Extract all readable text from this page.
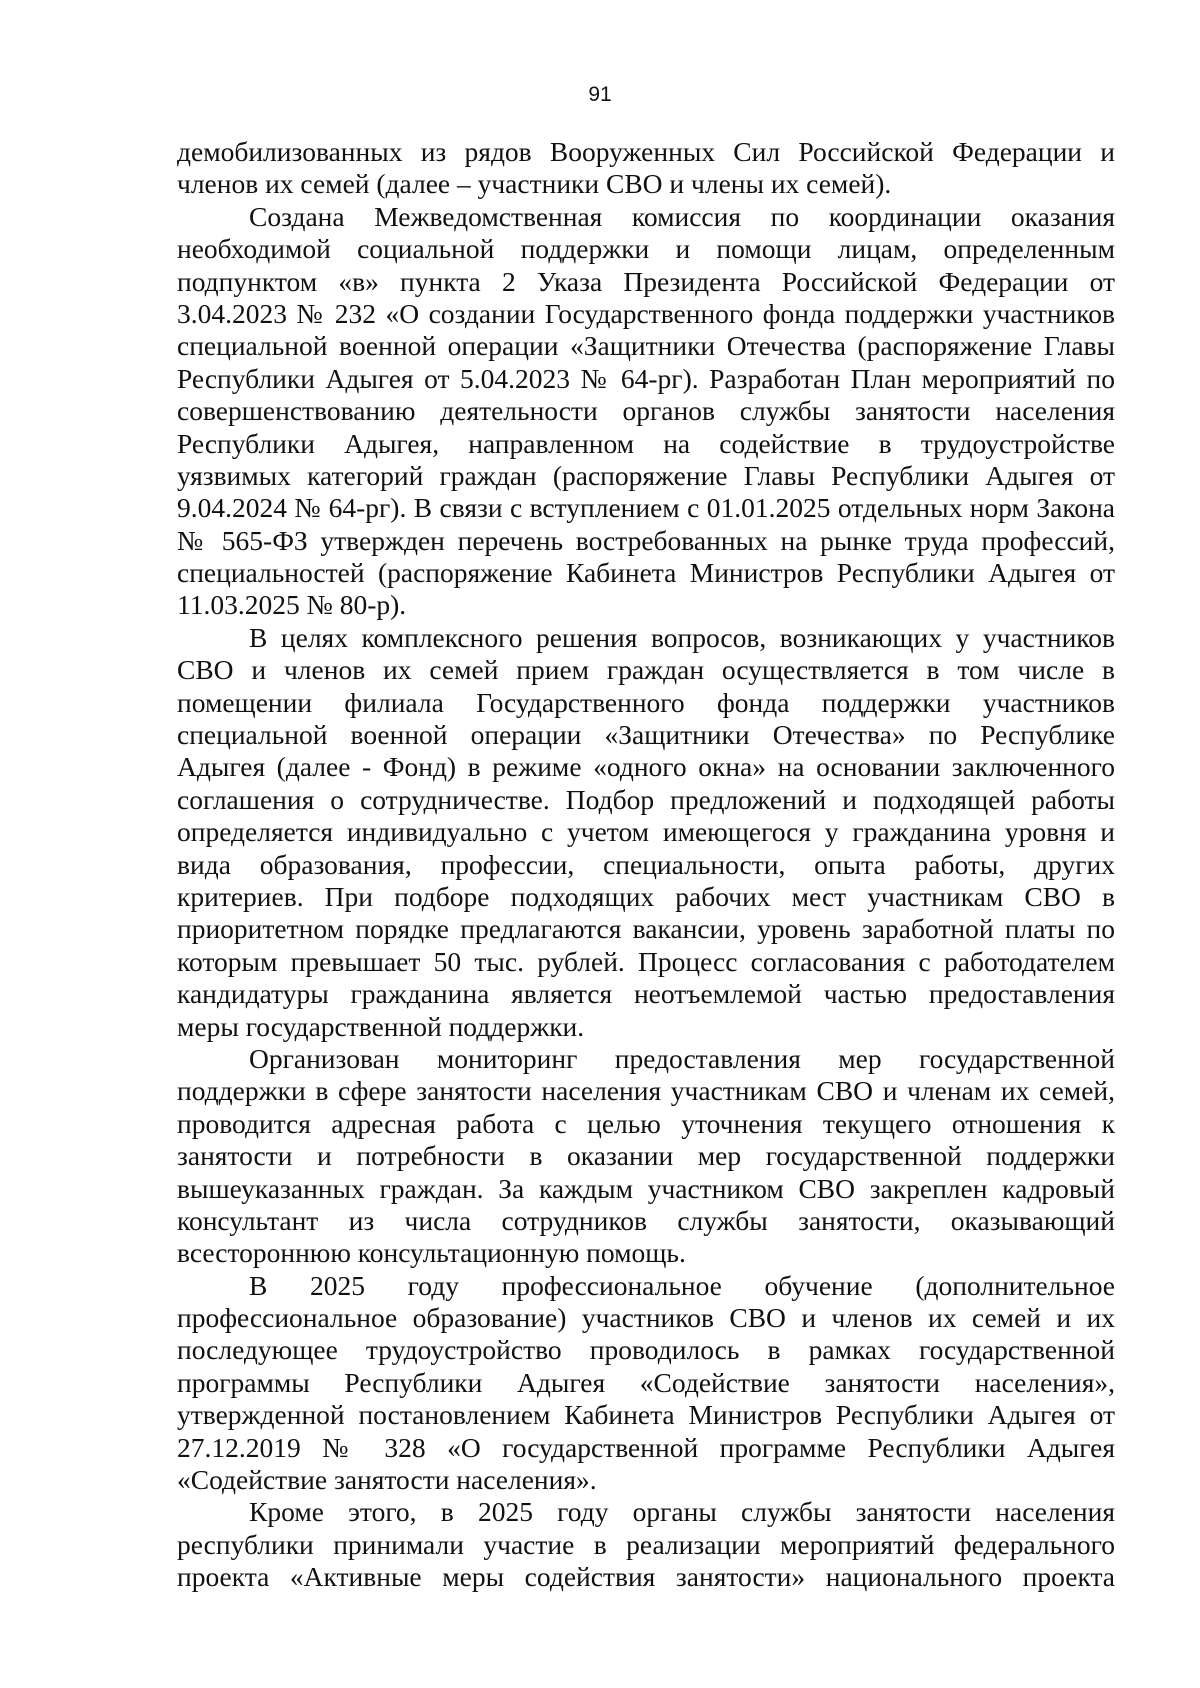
91
демобилизованных из рядов Вооруженных Сил Российской Федерации и
членов их семей (далее – участники СВО и члены их семей).
Создана Межведомственная комиссия по координации оказания
необходимой социальной поддержки и помощи лицам, определенным
подпунктом «в» пункта 2 Указа Президента Российской Федерации от
3.04.2023 № 232 «О создании Государственного фонда поддержки участников
специальной военной операции «Защитники Отечества (распоряжение Главы
Республики Адыгея от 5.04.2023 № 64-рг). Разработан План мероприятий по
совершенствованию деятельности органов службы занятости населения
Республики Адыгея, направленном на содействие в трудоустройстве
уязвимых категорий граждан (распоряжение Главы Республики Адыгея от
9.04.2024 № 64-рг). В связи с вступлением с 01.01.2025 отдельных норм Закона
№ 565-ФЗ утвержден перечень востребованных на рынке труда профессий,
специальностей (распоряжение Кабинета Министров Республики Адыгея от
11.03.2025 № 80-р).
В целях комплексного решения вопросов, возникающих у участников
СВО и членов их семей прием граждан осуществляется в том числе в
помещении филиала Государственного фонда поддержки участников
специальной военной операции «Защитники Отечества» по Республике
Адыгея (далее - Фонд) в режиме «одного окна» на основании заключенного
соглашения о сотрудничестве. Подбор предложений и подходящей работы
определяется индивидуально с учетом имеющегося у гражданина уровня и
вида образования, профессии, специальности, опыта работы, других
критериев. При подборе подходящих рабочих мест участникам СВО в
приоритетном порядке предлагаются вакансии, уровень заработной платы по
которым превышает 50 тыс. рублей. Процесс согласования с работодателем
кандидатуры гражданина является неотъемлемой частью предоставления
меры государственной поддержки.
Организован мониторинг предоставления мер государственной
поддержки в сфере занятости населения участникам СВО и членам их семей,
проводится адресная работа с целью уточнения текущего отношения к
занятости и потребности в оказании мер государственной поддержки
вышеуказанных граждан. За каждым участником СВО закреплен кадровый
консультант из числа сотрудников службы занятости, оказывающий
всестороннюю консультационную помощь.
В 2025 году профессиональное обучение (дополнительное
профессиональное образование) участников СВО и членов их семей и их
последующее трудоустройство проводилось в рамках государственной
программы Республики Адыгея «Содействие занятости населения»,
утвержденной постановлением Кабинета Министров Республики Адыгея от
27.12.2019 № 328 «О государственной программе Республики Адыгея
«Содействие занятости населения».
Кроме этого, в 2025 году органы службы занятости населения
республики принимали участие в реализации мероприятий федерального
проекта «Активные меры содействия занятости» национального проекта
